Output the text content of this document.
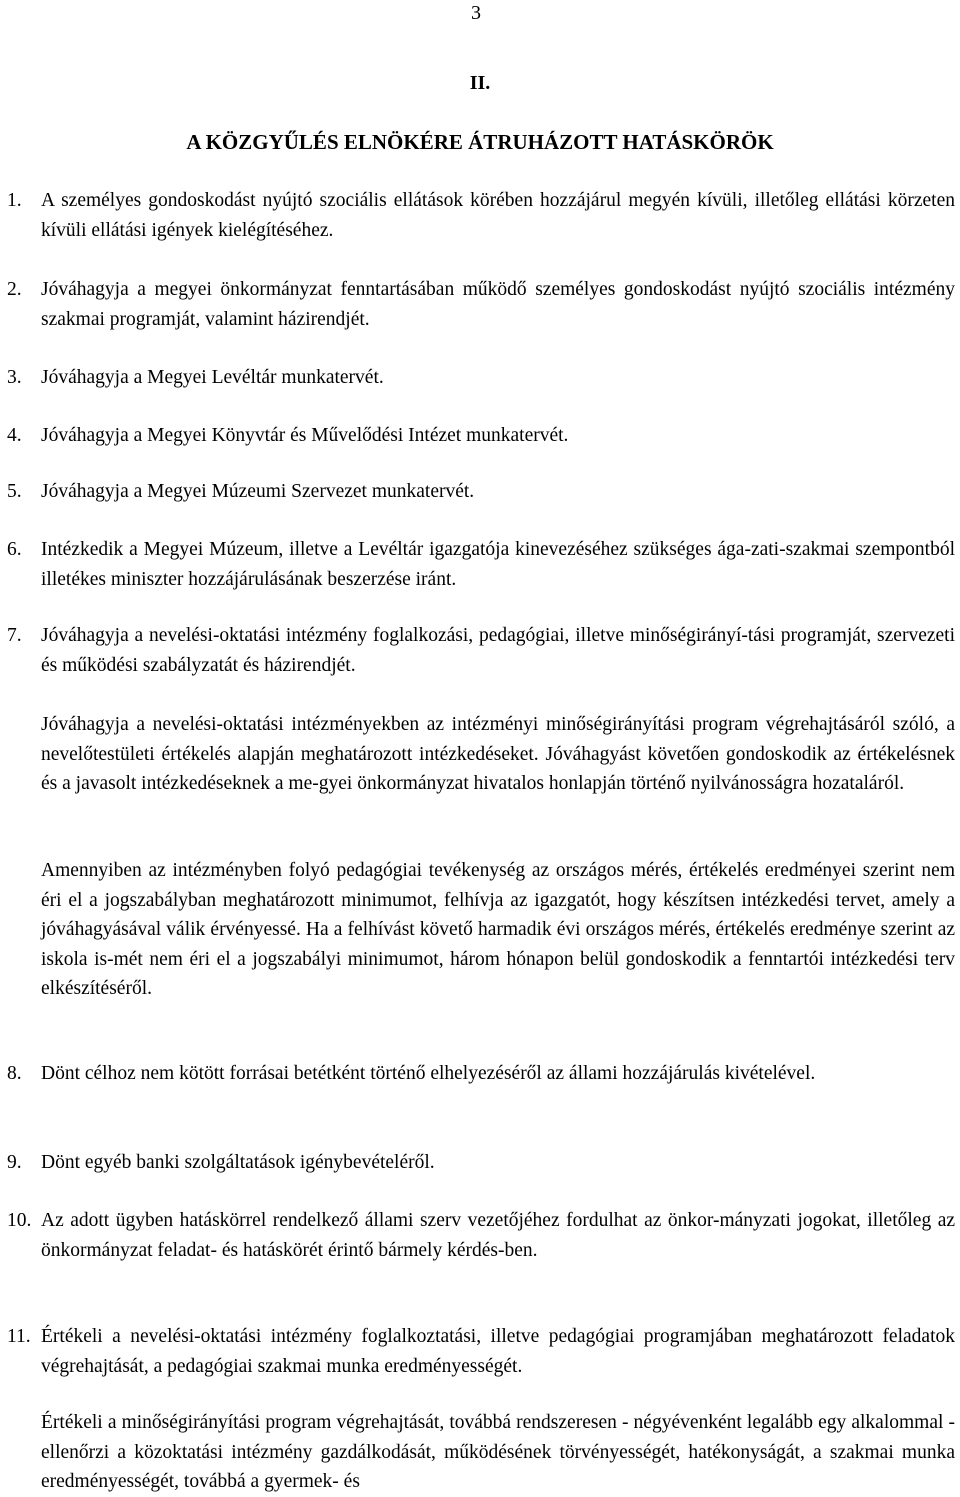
3
II.
A KÖZGYŰLÉS ELNÖKÉRE ÁTRUHÁZOTT HATÁSKÖRÖK
1. A személyes gondoskodást nyújtó szociális ellátások körében hozzájárul megyén kívüli, illetőleg ellátási körzeten kívüli ellátási igények kielégítéséhez.
2. Jóváhagyja a megyei önkormányzat fenntartásában működő személyes gondoskodást nyújtó szociális intézmény szakmai programját, valamint házirendjét.
3. Jóváhagyja a Megyei Levéltár munkatervét.
4. Jóváhagyja a Megyei Könyvtár és Művelődési Intézet munkatervét.
5. Jóváhagyja a Megyei Múzeumi Szervezet munkatervét.
6. Intézkedik a Megyei Múzeum, illetve a Levéltár igazgatója kinevezéséhez szükséges ága-zati-szakmai szempontból illetékes miniszter hozzájárulásának beszerzése iránt.
7. Jóváhagyja a nevelési-oktatási intézmény foglalkozási, pedagógiai, illetve minőségirányí-tási programját, szervezeti és működési szabályzatát és házirendjét.
Jóváhagyja a nevelési-oktatási intézményekben az intézményi minőségirányítási program végrehajtásáról szóló, a nevelőtestületi értékelés alapján meghatározott intézkedéseket. Jóváhagyást követően gondoskodik az értékelésnek és a javasolt intézkedéseknek a me-gyei önkormányzat hivatalos honlapján történő nyilvánosságra hozataláról.
Amennyiben az intézményben folyó pedagógiai tevékenység az országos mérés, értékelés eredményei szerint nem éri el a jogszabályban meghatározott minimumot, felhívja az igazgatót, hogy készítsen intézkedési tervet, amely a jóváhagyásával válik érvényessé. Ha a felhívást követő harmadik évi országos mérés, értékelés eredménye szerint az iskola is-mét nem éri el a jogszabályi minimumot, három hónapon belül gondoskodik a fenntartói intézkedési terv elkészítéséről.
8. Dönt célhoz nem kötött forrásai betétként történő elhelyezéséről az állami hozzájárulás kivételével.
9. Dönt egyéb banki szolgáltatások igénybevételéről.
10. Az adott ügyben hatáskörrel rendelkező állami szerv vezetőjéhez fordulhat az önkor-mányzati jogokat, illetőleg az önkormányzat feladat- és hatáskörét érintő bármely kérdés-ben.
11. Értékeli a nevelési-oktatási intézmény foglalkoztatási, illetve pedagógiai programjában meghatározott feladatok végrehajtását, a pedagógiai szakmai munka eredményességét.
Értékeli a minőségirányítási program végrehajtását, továbbá rendszeresen - négyévenként legalább egy alkalommal - ellenőrzi a közoktatási intézmény gazdálkodását, működésének törvényességét, hatékonyságát, a szakmai munka eredményességét, továbbá a gyermek- és
